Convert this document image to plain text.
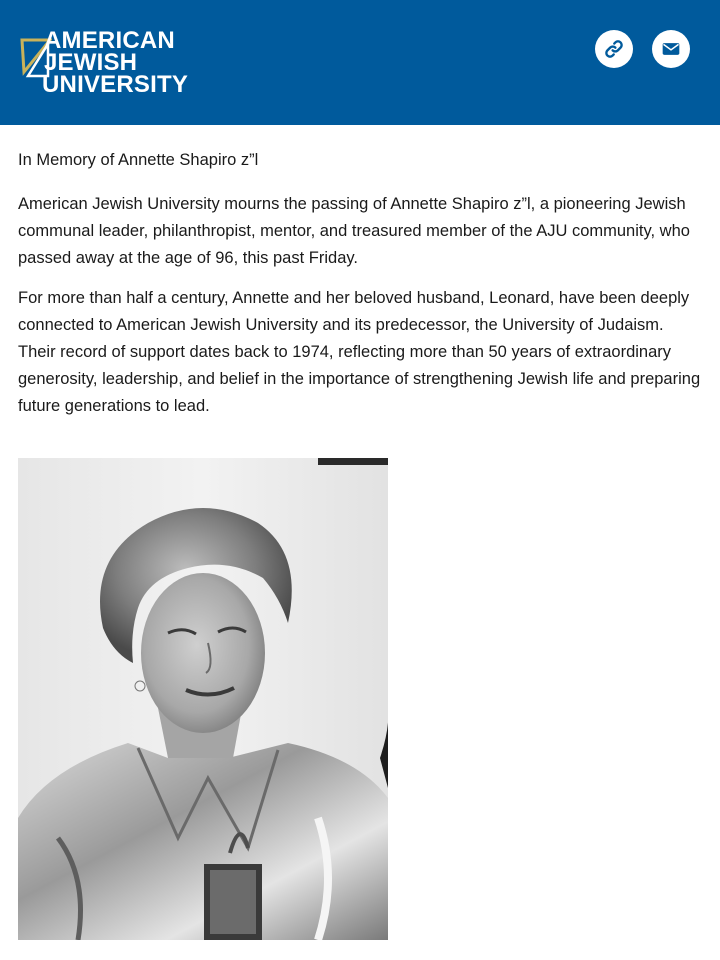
AMERICAN
JEWISH
UNIVERSITY
In Memory of Annette Shapiro z”l

American Jewish University mourns the passing of Annette Shapiro z”l, a pioneering Jewish communal leader, philanthropist, mentor, and treasured member of the AJU community, who passed away at the age of 96, this past Friday.

For more than half a century, Annette and her beloved husband, Leonard, have been deeply connected to American Jewish University and its predecessor, the University of Judaism. Their record of support dates back to 1974, reflecting more than 50 years of extraordinary generosity, leadership, and belief in the importance of strengthening Jewish life and preparing future generations to lead.
